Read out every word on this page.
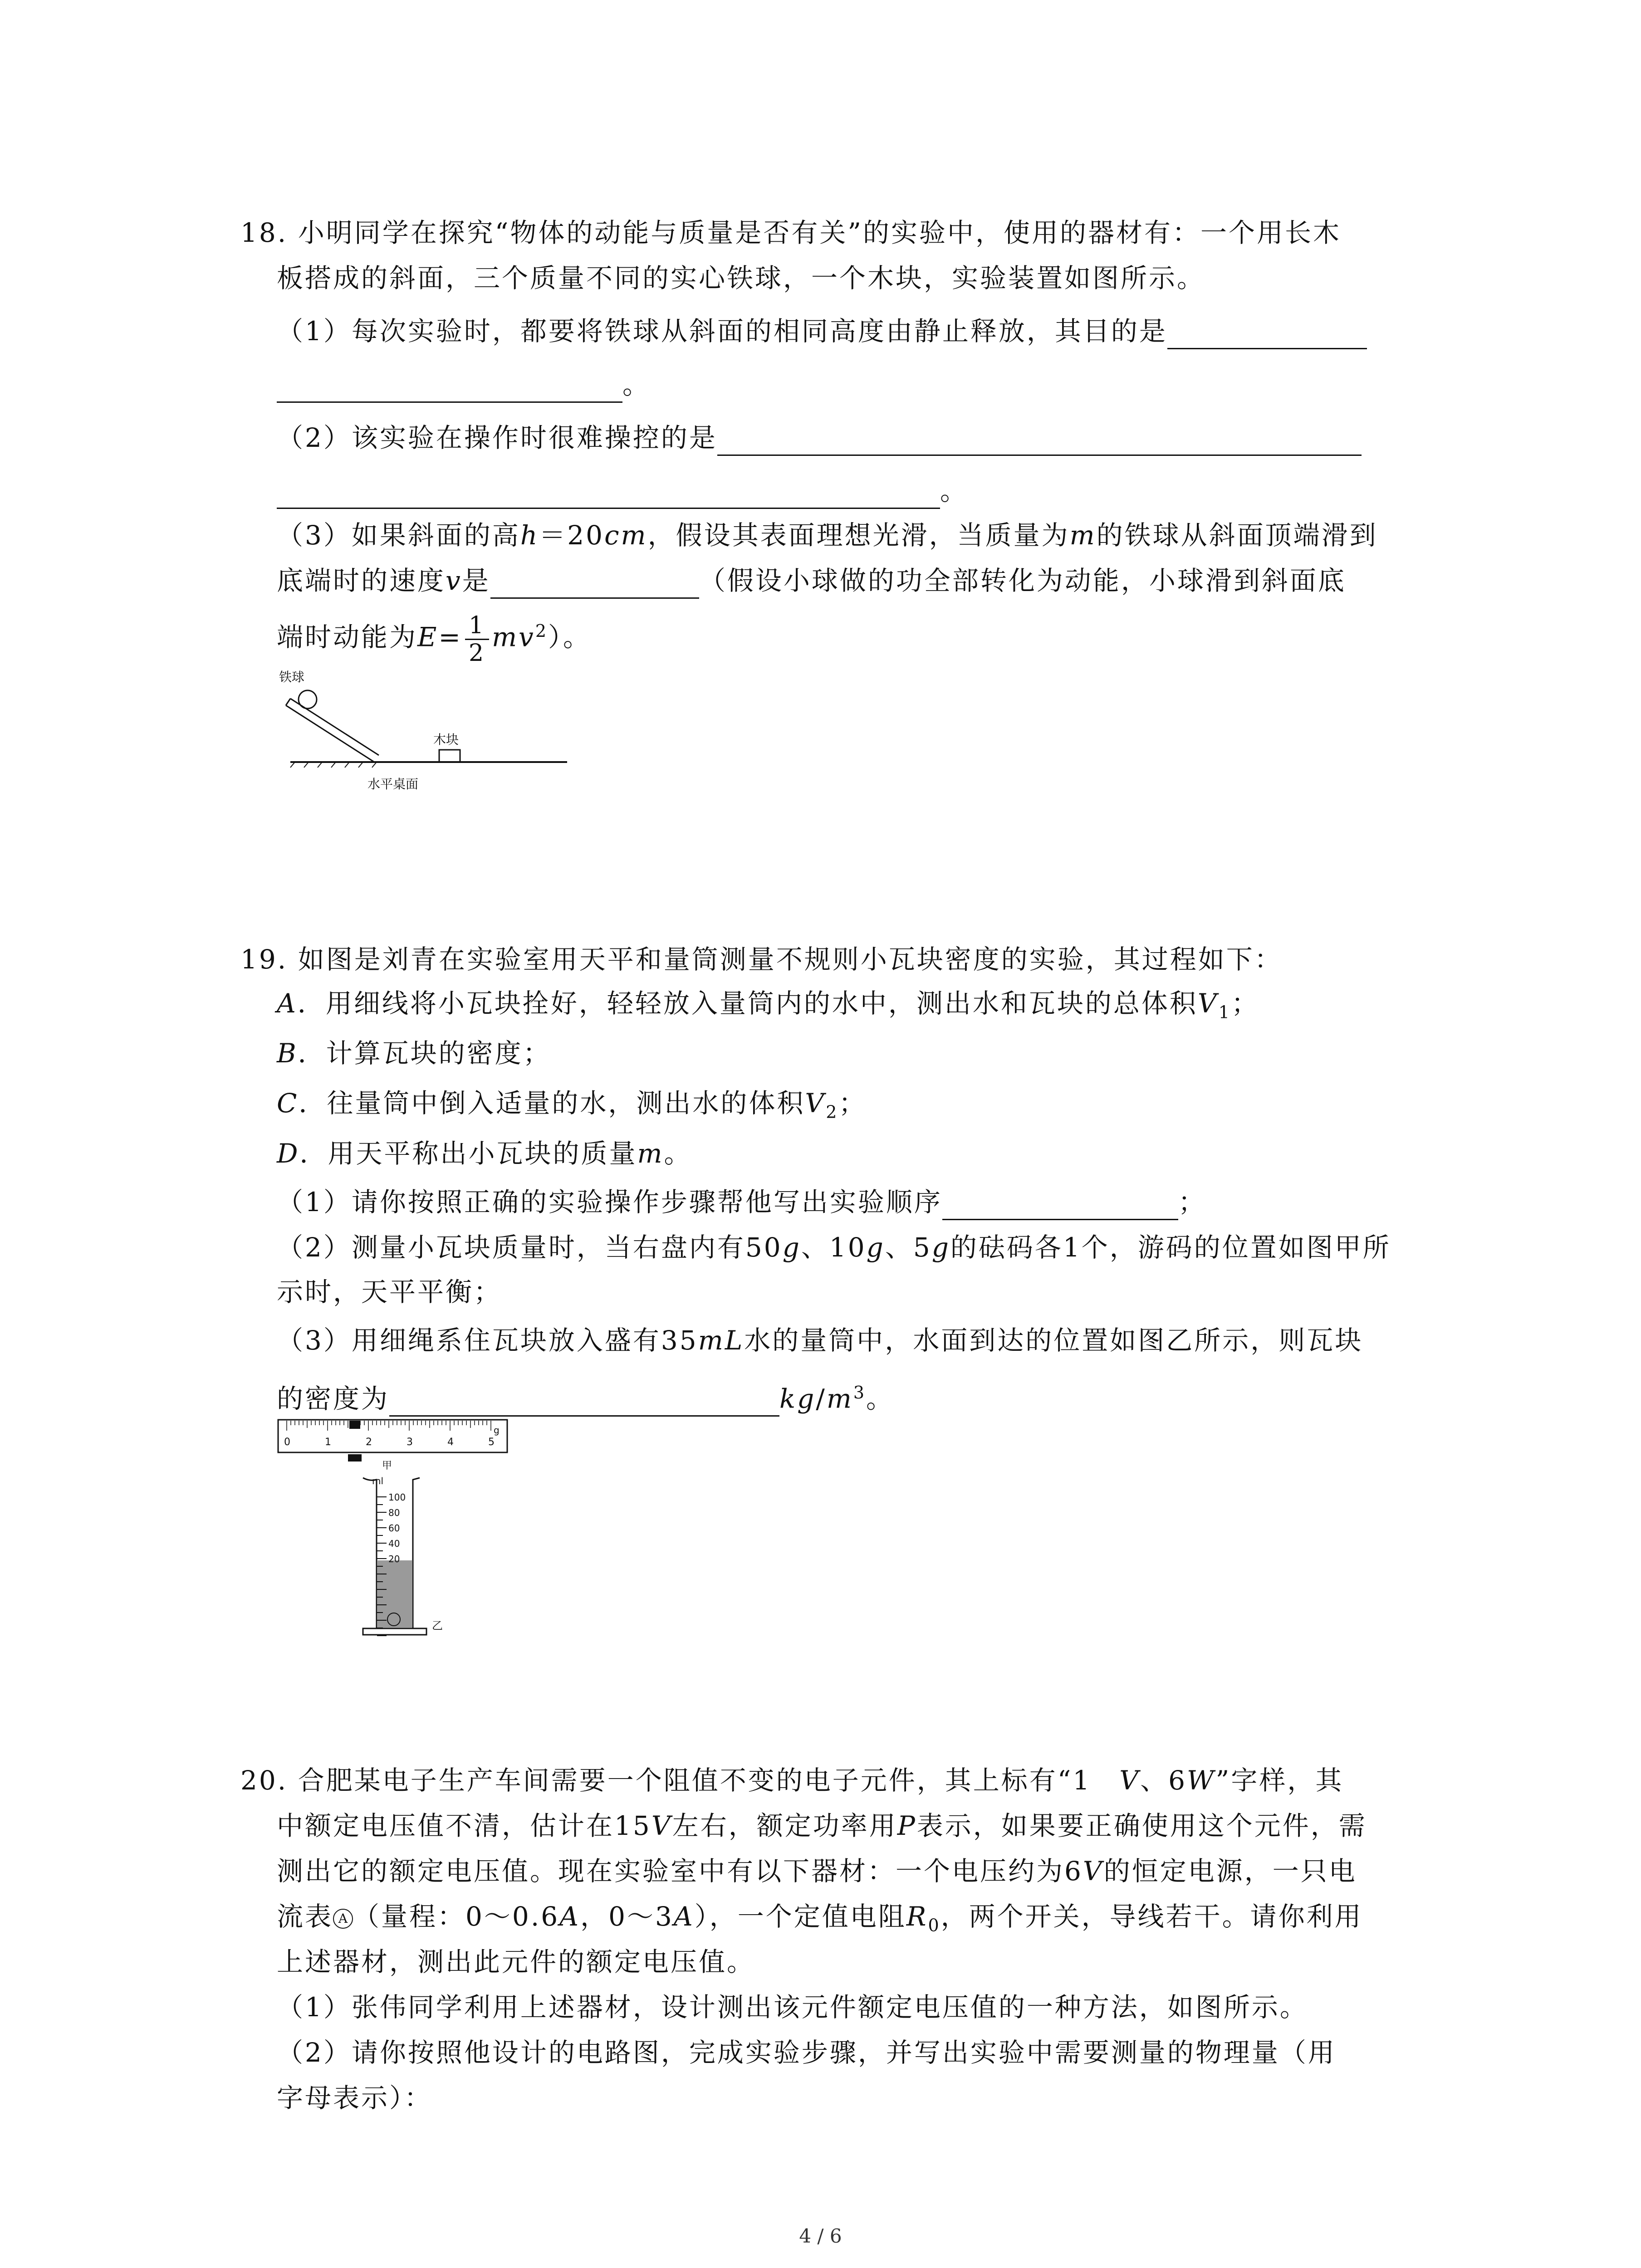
18. 小明同学在探究“物体的动能与质量是否有关”的实验中，使用的器材有：一个用长木
板搭成的斜面，三个质量不同的实心铁球，一个木块，实验装置如图所示。
（1）每次实验时，都要将铁球从斜面的相同高度由静止释放，其目的是
。
（2）该实验在操作时很难操控的是
。
（3）如果斜面的高h＝20cm，假设其表面理想光滑，当质量为m的铁球从斜面顶端滑到
底端时的速度v是	（假设小球做的功全部转化为动能，小球滑到斜面底
端时动能为$E= \frac{1}{2} mv^2$）。
铁球
木块
水平桌面
19. 如图是刘青在实验室用天平和量筒测量不规则小瓦块密度的实验，其过程如下：
A．用细线将小瓦块拴好，轻轻放入量筒内的水中，测出水和瓦块的总体积$V_1$；
B．计算瓦块的密度；
C．往量筒中倒入适量的水，测出水的体积$V_2$；
D．用天平称出小瓦块的质量m。
（1）请你按照正确的实验操作步骤帮他写出实验顺序	；
（2）测量小瓦块质量时，当右盘内有50g、10g、5g的砝码各1个，游码的位置如图甲所
示时，天平平衡；
（3）用细绳系住瓦块放入盛有35mL水的量筒中，水面到达的位置如图乙所示，则瓦块
的密度为	$kg/m^3$。
0	1	2	3	4	5
g
甲
ml
100
80
60
40
20
乙
20. 合肥某电子生产车间需要一个阻值不变的电子元件，其上标有“1　V、6W”字样，其
中额定电压值不清，估计在15V左右，额定功率用P表示，如果要正确使用这个元件，需
测出它的额定电压值。现在实验室中有以下器材：一个电压约为6V的恒定电源，一只电
流表 A （量程：0～0.6A，0～3A），一个定值电阻$R_0$，两个开关，导线若干。请你利用
上述器材，测出此元件的额定电压值。
（1）张伟同学利用上述器材，设计测出该元件额定电压值的一种方法，如图所示。
（2）请你按照他设计的电路图，完成实验步骤，并写出实验中需要测量的物理量（用
字母表示）：
4 / 6
